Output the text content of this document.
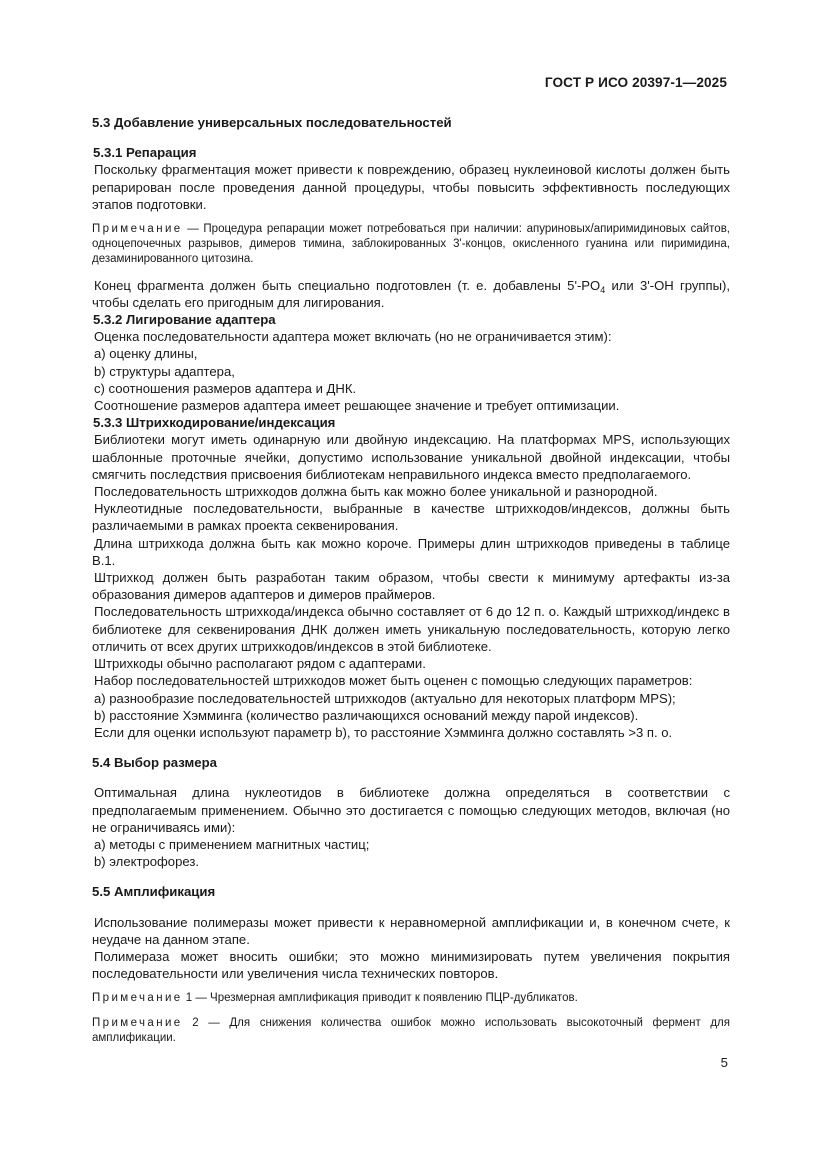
ГОСТ Р ИСО 20397-1—2025

5.3 Добавление универсальных последовательностей

5.3.1 Репарация

Поскольку фрагментация может привести к повреждению, образец нуклеиновой кислоты должен быть репарирован после проведения данной процедуры, чтобы повысить эффективность последующих этапов подготовки.

Примечание — Процедура репарации может потребоваться при наличии: апуриновых/апиримидиновых сайтов, одноцепочечных разрывов, димеров тимина, заблокированных 3'-концов, окисленного гуанина или пиримидина, дезаминированного цитозина.

Конец фрагмента должен быть специально подготовлен (т. е. добавлены $5'-PO_4$ или 3'-OH группы), чтобы сделать его пригодным для лигирования.

5.3.2 Лигирование адаптера

Оценка последовательности адаптера может включать (но не ограничивается этим):

a) оценку длины,

b) структуры адаптера,

c) соотношения размеров адаптера и ДНК.

Соотношение размеров адаптера имеет решающее значение и требует оптимизации.

5.3.3 Штрихкодирование/индексация

Библиотеки могут иметь одинарную или двойную индексацию. На платформах MPS, использующих шаблонные проточные ячейки, допустимо использование уникальной двойной индексации, чтобы смягчить последствия присвоения библиотекам неправильного индекса вместо предполагаемого.

Последовательность штрихкодов должна быть как можно более уникальной и разнородной.

Нуклеотидные последовательности, выбранные в качестве штрихкодов/индексов, должны быть различаемыми в рамках проекта секвенирования.

Длина штрихкода должна быть как можно короче. Примеры длин штрихкодов приведены в таблице B.1.

Штрихкод должен быть разработан таким образом, чтобы свести к минимуму артефакты из-за образования димеров адаптеров и димеров праймеров.

Последовательность штрихкода/индекса обычно составляет от 6 до 12 п. о. Каждый штрихкод/индекс в библиотеке для секвенирования ДНК должен иметь уникальную последовательность, которую легко отличить от всех других штрихкодов/индексов в этой библиотеке.

Штрихкоды обычно располагают рядом с адаптерами.

Набор последовательностей штрихкодов может быть оценен с помощью следующих параметров:

a) разнообразие последовательностей штрихкодов (актуально для некоторых платформ MPS);

b) расстояние Хэмминга (количество различающихся оснований между парой индексов).

Если для оценки используют параметр b), то расстояние Хэмминга должно составлять >3 п. о.

5.4 Выбор размера

Оптимальная длина нуклеотидов в библиотеке должна определяться в соответствии с предполагаемым применением. Обычно это достигается с помощью следующих методов, включая (но не ограничиваясь ими):

a) методы с применением магнитных частиц;

b) электрофорез.

5.5 Амплификация

Использование полимеразы может привести к неравномерной амплификации и, в конечном счете, к неудаче на данном этапе.

Полимераза может вносить ошибки; это можно минимизировать путем увеличения покрытия последовательности или увеличения числа технических повторов.

Примечание 1 — Чрезмерная амплификация приводит к появлению ПЦР-дубликатов.

Примечание 2 — Для снижения количества ошибок можно использовать высокоточный фермент для амплификации.

5
